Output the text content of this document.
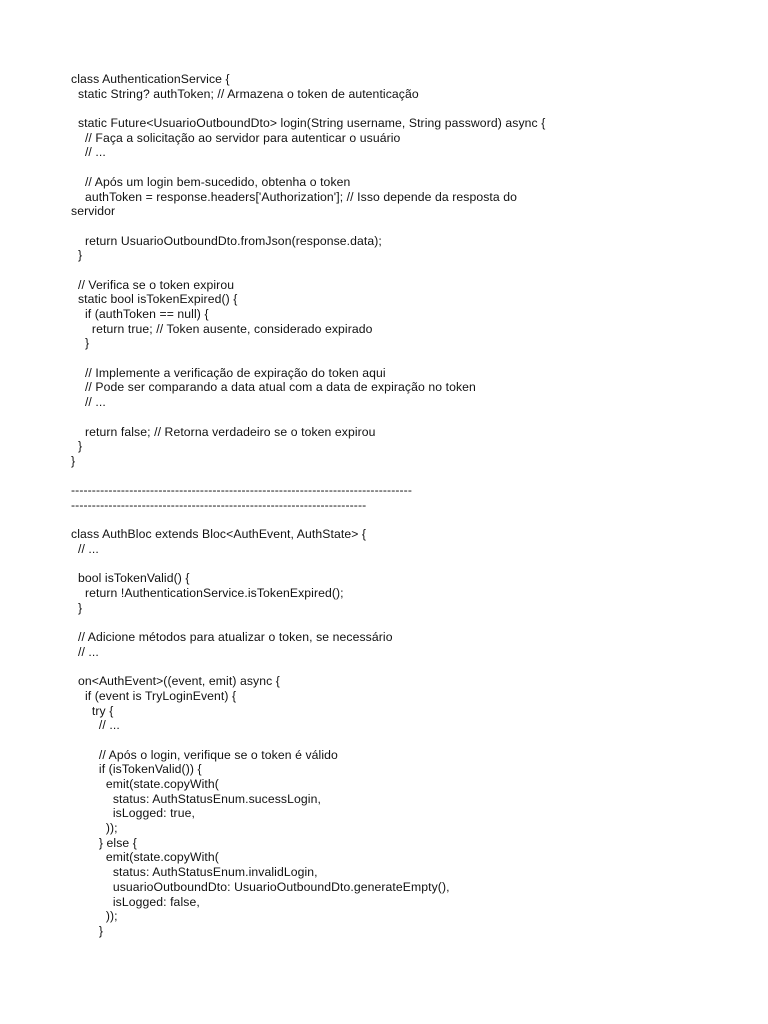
class AuthenticationService {
static String? authToken; // Armazena o token de autenticação
static Future<UsuarioOutboundDto> login(String username, String password) async {
// Faça a solicitação ao servidor para autenticar o usuário
// ...
// Após um login bem-sucedido, obtenha o token
authToken = response.headers['Authorization']; // Isso depende da resposta do
servidor
return UsuarioOutboundDto.fromJson(response.data);
}
// Verifica se o token expirou
static bool isTokenExpired() {
if (authToken == null) {
return true; // Token ausente, considerado expirado
}
// Implemente a verificação de expiração do token aqui
// Pode ser comparando a data atual com a data de expiração no token
// ...
return false; // Retorna verdadeiro se o token expirou
}
}
----------------------------------------------------------------------------------
-----------------------------------------------------------------------
class AuthBloc extends Bloc<AuthEvent, AuthState> {
// ...
bool isTokenValid() {
return !AuthenticationService.isTokenExpired();
}
// Adicione métodos para atualizar o token, se necessário
// ...
on<AuthEvent>((event, emit) async {
if (event is TryLoginEvent) {
try {
// ...
// Após o login, verifique se o token é válido
if (isTokenValid()) {
emit(state.copyWith(
status: AuthStatusEnum.sucessLogin,
isLogged: true,
));
} else {
emit(state.copyWith(
status: AuthStatusEnum.invalidLogin,
usuarioOutboundDto: UsuarioOutboundDto.generateEmpty(),
isLogged: false,
));
}
